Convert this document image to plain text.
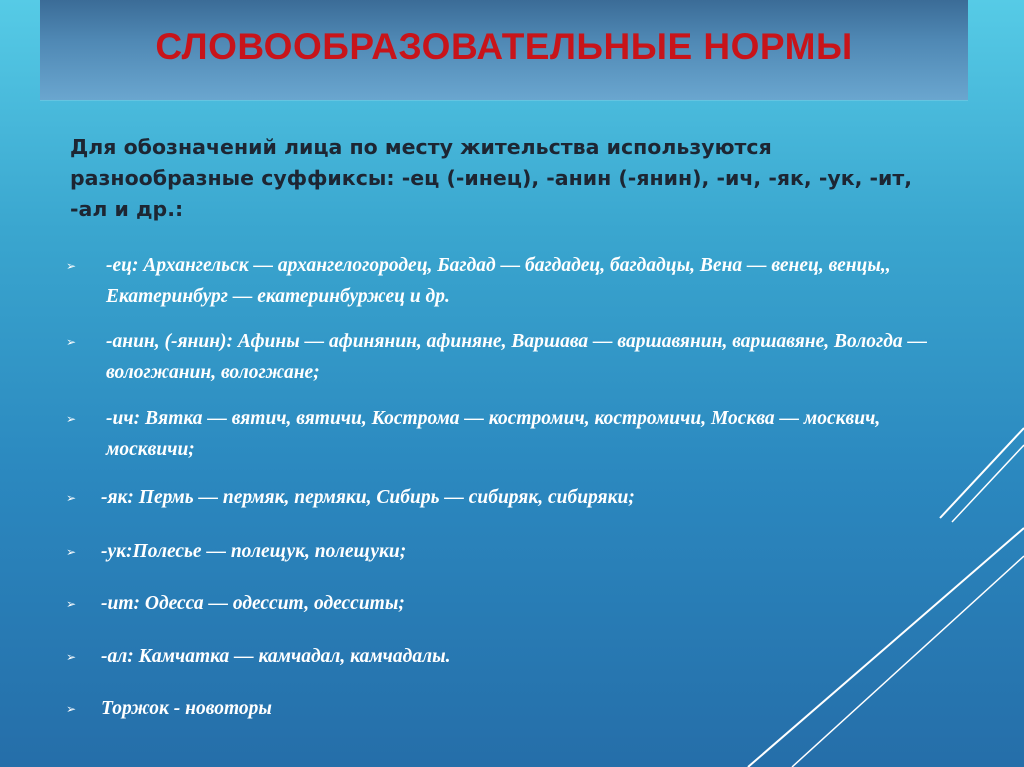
СЛОВООБРАЗОВАТЕЛЬНЫЕ НОРМЫ

Для обозначений лица по месту жительства используются разнообразные суффиксы: -ец (-инец), -анин (-янин), -ич, -як, -ук, -ит, -ал и др.:

➢ -ец: Архангельск — архангелогородец, Багдад — багдадец, багдадцы, Вена — венец, венцы,, Екатеринбург — екатеринбуржец и др.
➢ -анин, (-янин): Афины — афинянин, афиняне, Варшава — варшавянин, варшавяне, Вологда — вологжанин, вологжане;
➢ -ич: Вятка — вятич, вятичи, Кострома — костромич, костромичи, Москва — москвич, москвичи;
➢ -як: Пермь — пермяк, пермяки, Сибирь — сибиряк, сибиряки;
➢ -ук:Полесье — полещук, полещуки;
➢ -ит: Одесса — одессит, одесситы;
➢ -ал: Камчатка — камчадал, камчадалы.
➢ Торжок - новоторы
